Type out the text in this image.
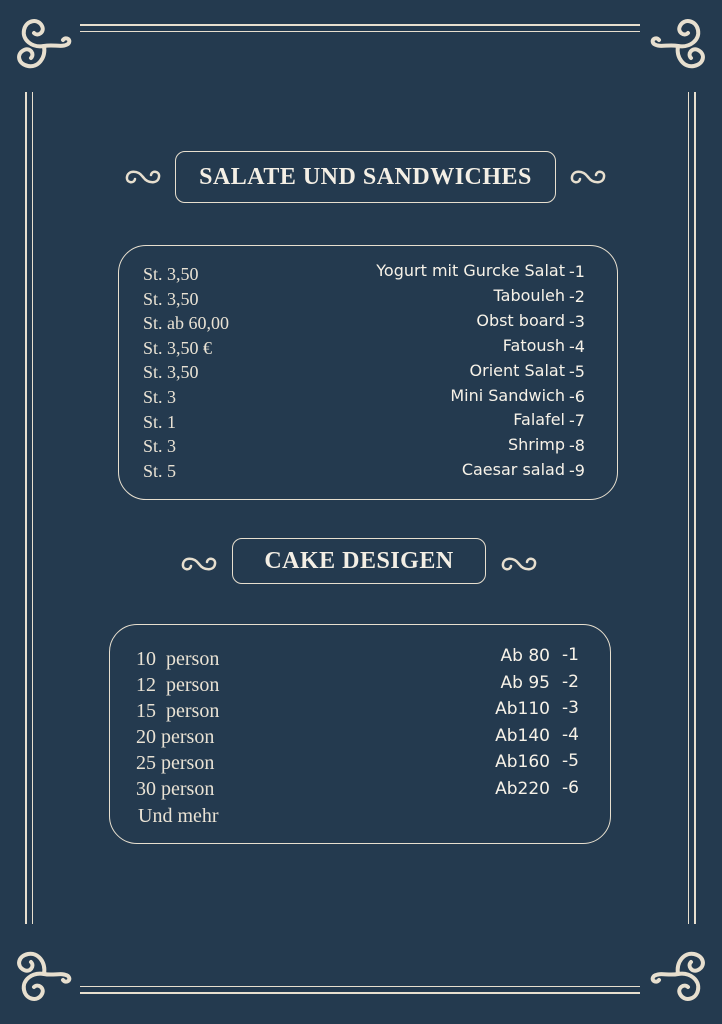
SALATE UND SANDWICHES
St. 3,50	Yogurt mit Gurcke Salat -1
St. 3,50	Tabouleh -2
St. ab 60,00	Obst board -3
St. 3,50 €	Fatoush -4
St. 3,50	Orient Salat -5
St. 3	Mini Sandwich -6
St. 1	Falafel -7
St. 3	Shrimp -8
St. 5	Caesar salad -9
CAKE DESIGEN
10  person	Ab 80 -1
12  person	Ab 95 -2
15  person	Ab110 -3
20 person	Ab140 -4
25 person	Ab160 -5
30 person	Ab220 -6
Und mehr
